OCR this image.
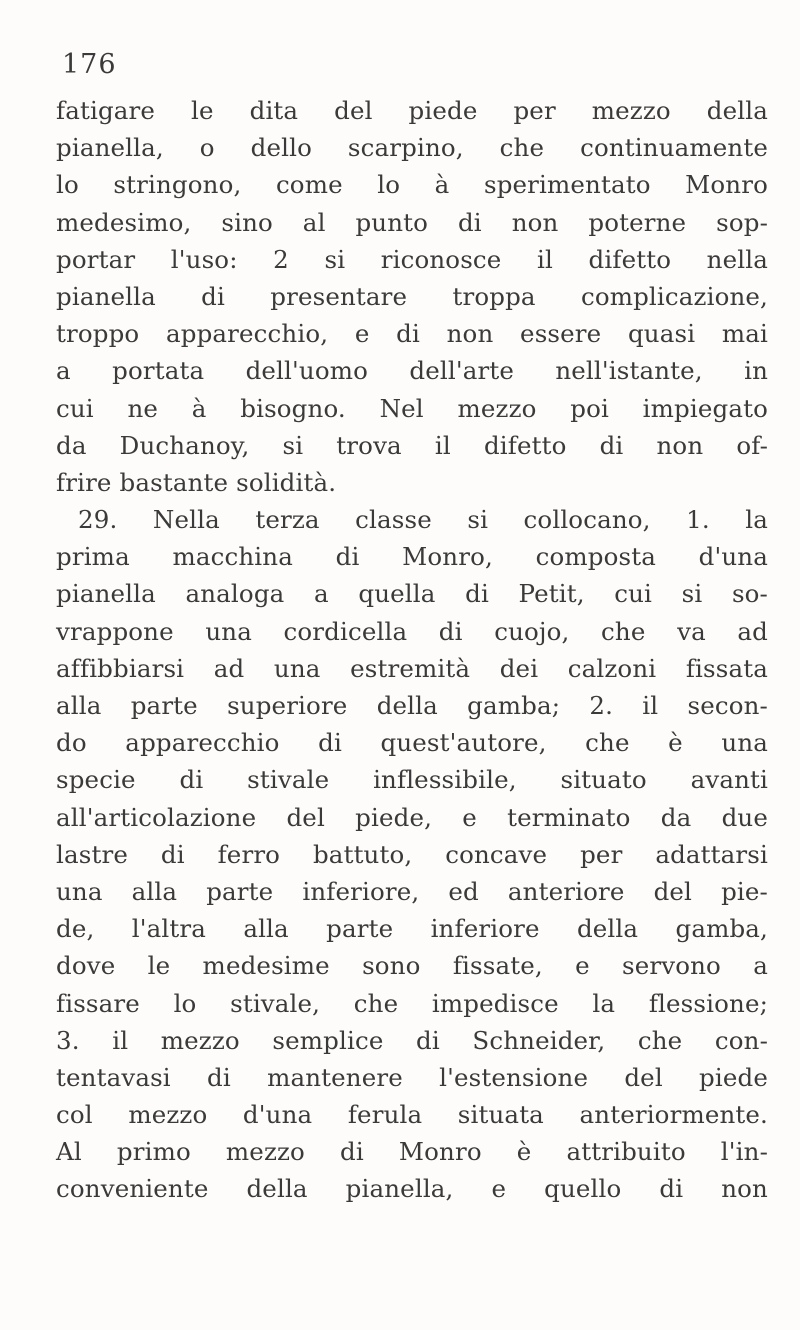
176
fatigare le dita del piede per mezzo della
pianella, o dello scarpino, che continuamente
lo stringono, come lo à sperimentato Monro
medesimo, sino al punto di non poterne sop-
portar l'uso: 2 si riconosce il difetto nella
pianella di presentare troppa complicazione,
troppo apparecchio, e di non essere quasi mai
a portata dell'uomo dell'arte nell'istante, in
cui ne à bisogno. Nel mezzo poi impiegato
da Duchanoy, si trova il difetto di non of-
frire bastante solidità.
29. Nella terza classe si collocano, 1. la
prima macchina di Monro, composta d'una
pianella analoga a quella di Petit, cui si so-
vrappone una cordicella di cuojo, che va ad
affibbiarsi ad una estremità dei calzoni fissata
alla parte superiore della gamba; 2. il secon-
do apparecchio di quest'autore, che è una
specie di stivale inflessibile, situato avanti
all'articolazione del piede, e terminato da due
lastre di ferro battuto, concave per adattarsi
una alla parte inferiore, ed anteriore del pie-
de, l'altra alla parte inferiore della gamba,
dove le medesime sono fissate, e servono a
fissare lo stivale, che impedisce la flessione;
3. il mezzo semplice di Schneider, che con-
tentavasi di mantenere l'estensione del piede
col mezzo d'una ferula situata anteriormente.
Al primo mezzo di Monro è attribuito l'in-
conveniente della pianella, e quello di non
